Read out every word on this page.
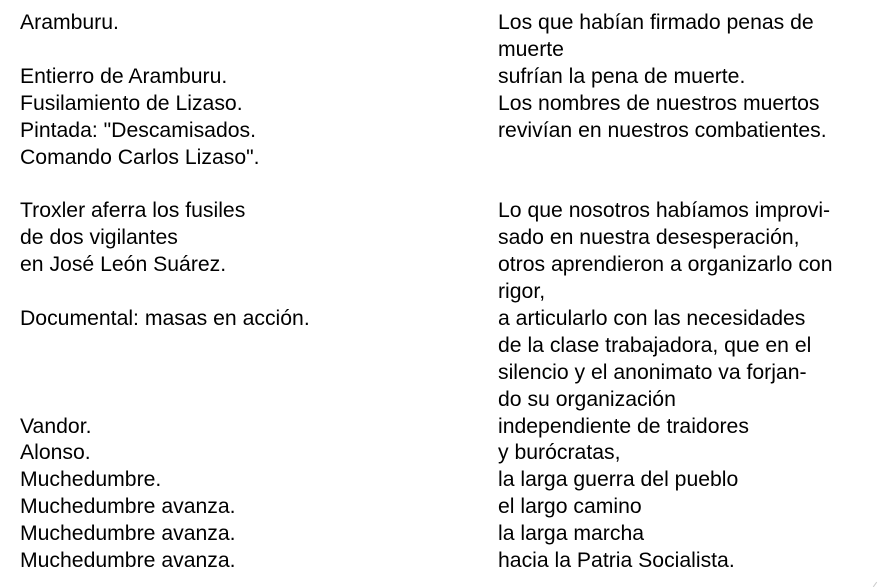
Aramburu.
Entierro de Aramburu.
Fusilamiento de Lizaso.
Pintada: "Descamisados.
Comando Carlos Lizaso".
Troxler aferra los fusiles
de dos vigilantes
en José León Suárez.
Documental: masas en acción.
Vandor.
Alonso.
Muchedumbre.
Muchedumbre avanza.
Muchedumbre avanza.
Muchedumbre avanza.
Los que habían firmado penas de
muerte
sufrían la pena de muerte.
Los nombres de nuestros muertos
revivían en nuestros combatientes.
Lo que nosotros habíamos improvi-
sado en nuestra desesperación,
otros aprendieron a organizarlo con
rigor,
a articularlo con las necesidades
de la clase trabajadora, que en el
silencio y el anonimato va forjan-
do su organización
independiente de traidores
y burócratas,
la larga guerra del pueblo
el largo camino
la larga marcha
hacia la Patria Socialista.
